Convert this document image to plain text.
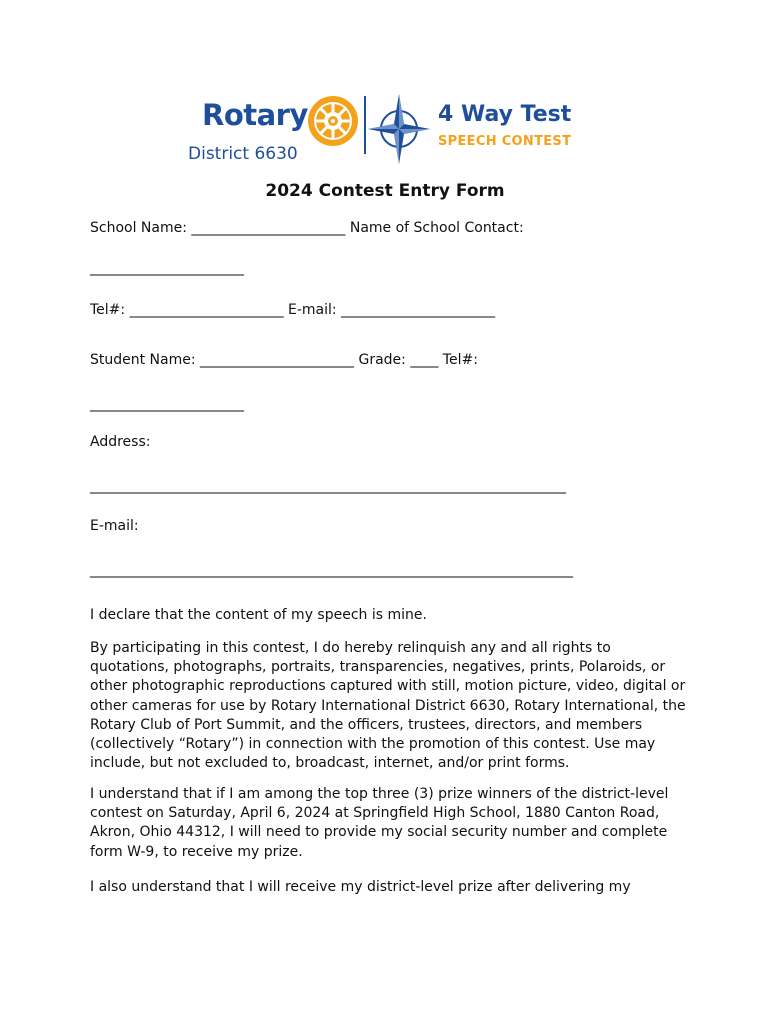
Rotary
District 6630
4 Way Test
SPEECH CONTEST
2024 Contest Entry Form
School Name: ______________________ Name of School Contact:
______________________
Tel#: ______________________ E-mail: ______________________
Student Name: ______________________ Grade: ____ Tel#:
______________________
Address:
____________________________________________________________________
E-mail:
_____________________________________________________________________
I declare that the content of my speech is mine.
By participating in this contest, I do hereby relinquish any and all rights to quotations, photographs, portraits, transparencies, negatives, prints, Polaroids, or other photographic reproductions captured with still, motion picture, video, digital or other cameras for use by Rotary International District 6630, Rotary International, the Rotary Club of Port Summit, and the officers, trustees, directors, and members (collectively “Rotary”) in connection with the promotion of this contest. Use may include, but not excluded to, broadcast, internet, and/or print forms.
I understand that if I am among the top three (3) prize winners of the district-level contest on Saturday, April 6, 2024 at Springfield High School, 1880 Canton Road, Akron, Ohio 44312, I will need to provide my social security number and complete form W-9, to receive my prize.
I also understand that I will receive my district-level prize after delivering my
